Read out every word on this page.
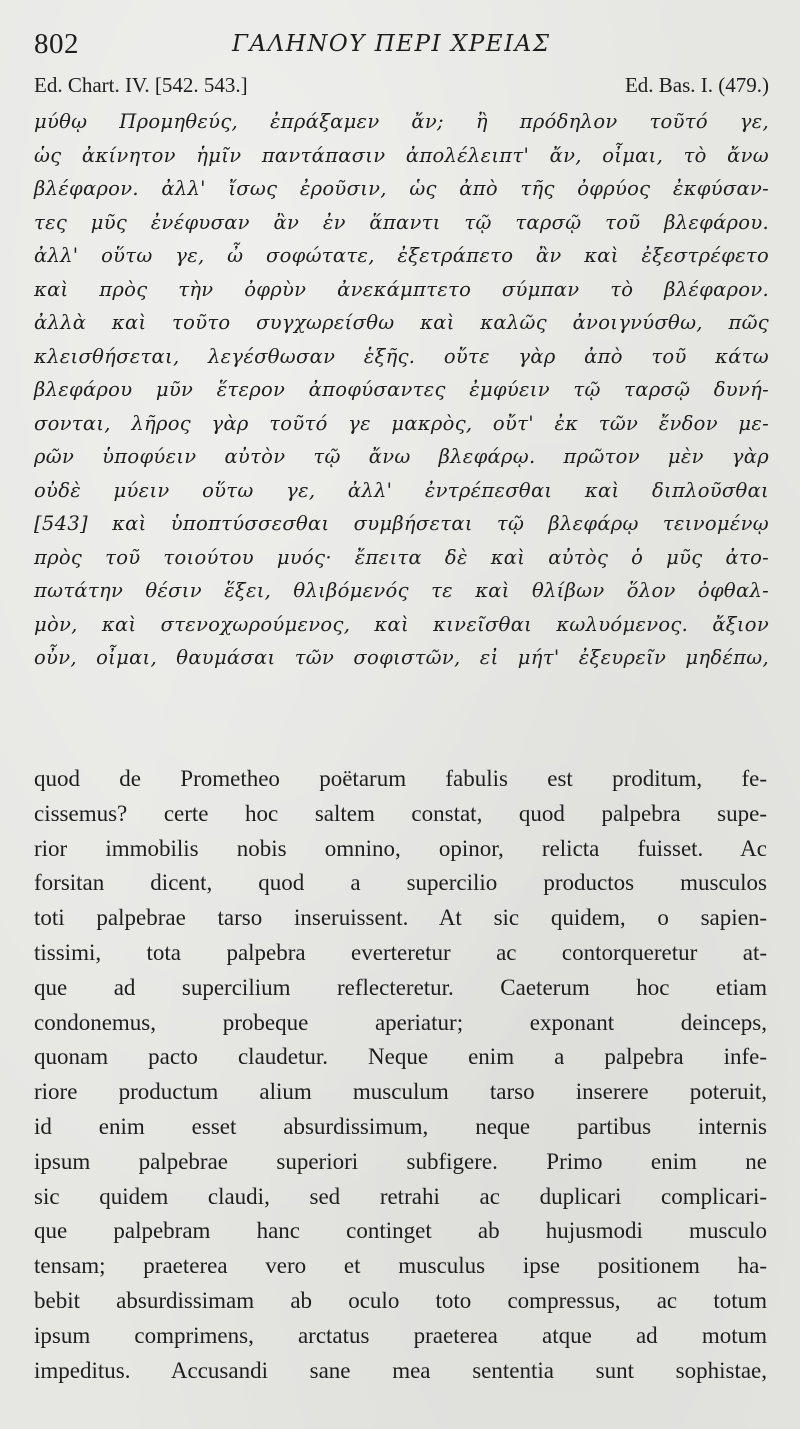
802	ΓΑΛΗΝΟΥ ΠΕΡΙ ΧΡΕΙΑΣ
Ed. Chart. IV. [542. 543.]	Ed. Bas. I. (479.)
μύθῳ Προμηθεύς, ἐπράξαμεν ἄν; ἢ πρόδηλον τοῦτό γε,
ὡς ἀκίνητον ἡμῖν παντάπασιν ἀπολέλειπτ' ἄν, οἶμαι, τὸ ἄνω
βλέφαρον. ἀλλ' ἴσως ἐροῦσιν, ὡς ἀπὸ τῆς ὀφρύος ἐκφύσαν-
τες μῦς ἐνέφυσαν ἂν ἐν ἅπαντι τῷ ταρσῷ τοῦ βλεφάρου.
ἀλλ' οὕτω γε, ὦ σοφώτατε, ἐξετράπετο ἂν καὶ ἐξεστρέφετο
καὶ πρὸς τὴν ὀφρὺν ἀνεκάμπτετο σύμπαν τὸ βλέφαρον.
ἀλλὰ καὶ τοῦτο συγχωρείσθω καὶ καλῶς ἀνοιγνύσθω, πῶς
κλεισθήσεται, λεγέσθωσαν ἑξῆς. οὔτε γὰρ ἀπὸ τοῦ κάτω
βλεφάρου μῦν ἕτερον ἀποφύσαντες ἐμφύειν τῷ ταρσῷ δυνή-
σονται, λῆρος γὰρ τοῦτό γε μακρὸς, οὔτ' ἐκ τῶν ἔνδον με-
ρῶν ὑποφύειν αὐτὸν τῷ ἄνω βλεφάρῳ. πρῶτον μὲν γὰρ
οὐδὲ μύειν οὕτω γε, ἀλλ' ἐντρέπεσθαι καὶ διπλοῦσθαι
[543] καὶ ὑποπτύσσεσθαι συμβήσεται τῷ βλεφάρῳ τεινομένῳ
πρὸς τοῦ τοιούτου μυός· ἔπειτα δὲ καὶ αὐτὸς ὁ μῦς ἀτο-
πωτάτην θέσιν ἕξει, θλιβόμενός τε καὶ θλίβων ὅλον ὀφθαλ-
μὸν, καὶ στενοχωρούμενος, καὶ κινεῖσθαι κωλυόμενος. ἄξιον
οὖν, οἶμαι, θαυμάσαι τῶν σοφιστῶν, εἰ μήτ' ἐξευρεῖν μηδέπω,
quod de Prometheo poëtarum fabulis est proditum, fe-
cissemus? certe hoc saltem constat, quod palpebra supe-
rior immobilis nobis omnino, opinor, relicta fuisset. Ac
forsitan dicent, quod a supercilio productos musculos
toti palpebrae tarso inseruissent. At sic quidem, o sapien-
tissimi, tota palpebra everteretur ac contorqueretur at-
que ad supercilium reflecteretur. Caeterum hoc etiam
condonemus, probeque aperiatur; exponant deinceps,
quonam pacto claudetur. Neque enim a palpebra infe-
riore productum alium musculum tarso inserere poteruit,
id enim esset absurdissimum, neque partibus internis
ipsum palpebrae superiori subfigere. Primo enim ne
sic quidem claudi, sed retrahi ac duplicari complicari-
que palpebram hanc continget ab hujusmodi musculo
tensam; praeterea vero et musculus ipse positionem ha-
bebit absurdissimam ab oculo toto compressus, ac totum
ipsum comprimens, arctatus praeterea atque ad motum
impeditus. Accusandi sane mea sententia sunt sophistae,
